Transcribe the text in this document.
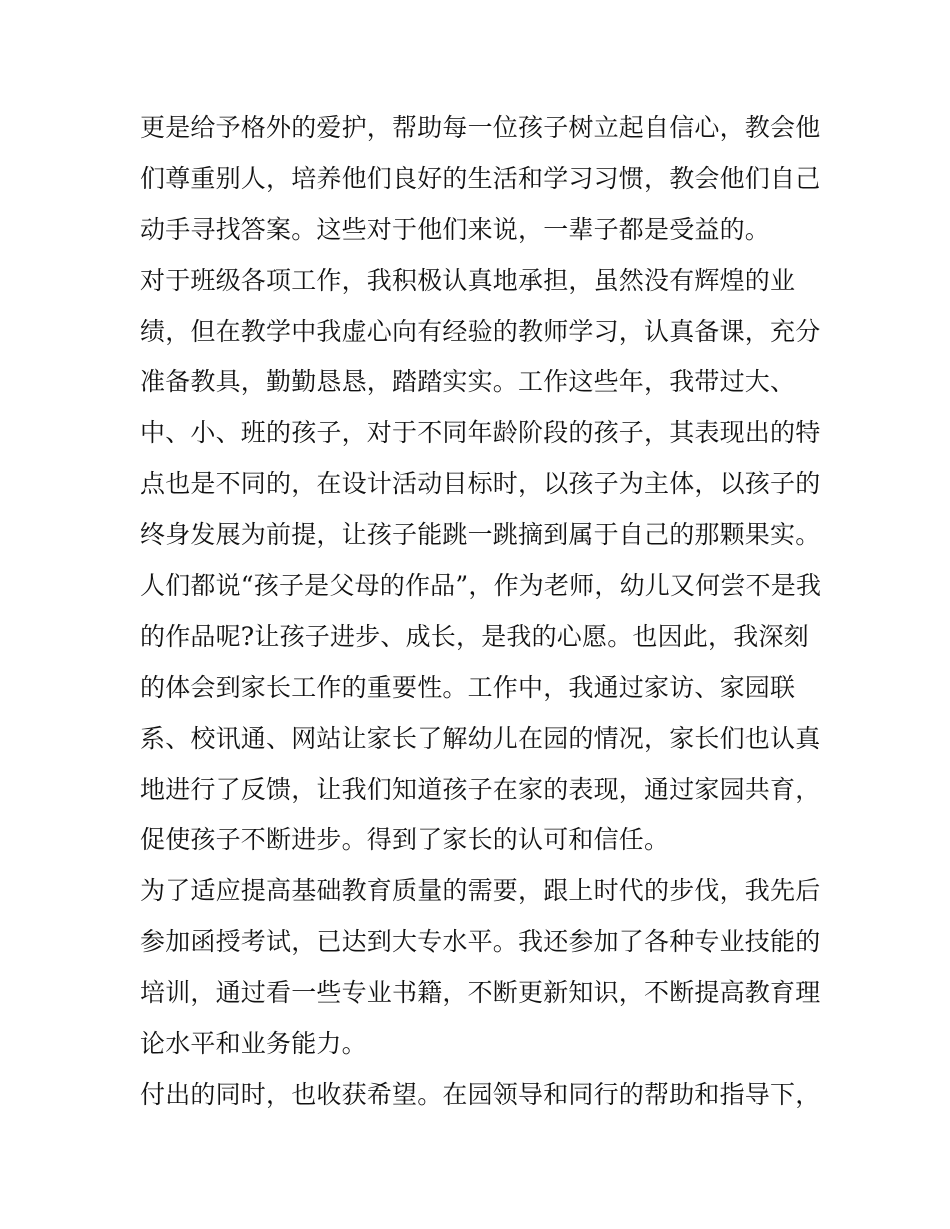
更是给予格外的爱护，帮助每一位孩子树立起自信心，教会他
们尊重别人，培养他们良好的生活和学习习惯，教会他们自己
动手寻找答案。这些对于他们来说，一辈子都是受益的。
对于班级各项工作，我积极认真地承担，虽然没有辉煌的业
绩，但在教学中我虚心向有经验的教师学习，认真备课，充分
准备教具，勤勤恳恳，踏踏实实。工作这些年，我带过大、
中、小、班的孩子，对于不同年龄阶段的孩子，其表现出的特
点也是不同的，在设计活动目标时，以孩子为主体，以孩子的
终身发展为前提，让孩子能跳一跳摘到属于自己的那颗果实。
人们都说“孩子是父母的作品”，作为老师，幼儿又何尝不是我
的作品呢?让孩子进步、成长，是我的心愿。也因此，我深刻
的体会到家长工作的重要性。工作中，我通过家访、家园联
系、校讯通、网站让家长了解幼儿在园的情况，家长们也认真
地进行了反馈，让我们知道孩子在家的表现，通过家园共育，
促使孩子不断进步。得到了家长的认可和信任。
为了适应提高基础教育质量的需要，跟上时代的步伐，我先后
参加函授考试，已达到大专水平。我还参加了各种专业技能的
培训，通过看一些专业书籍，不断更新知识，不断提高教育理
论水平和业务能力。
付出的同时，也收获希望。在园领导和同行的帮助和指导下，
